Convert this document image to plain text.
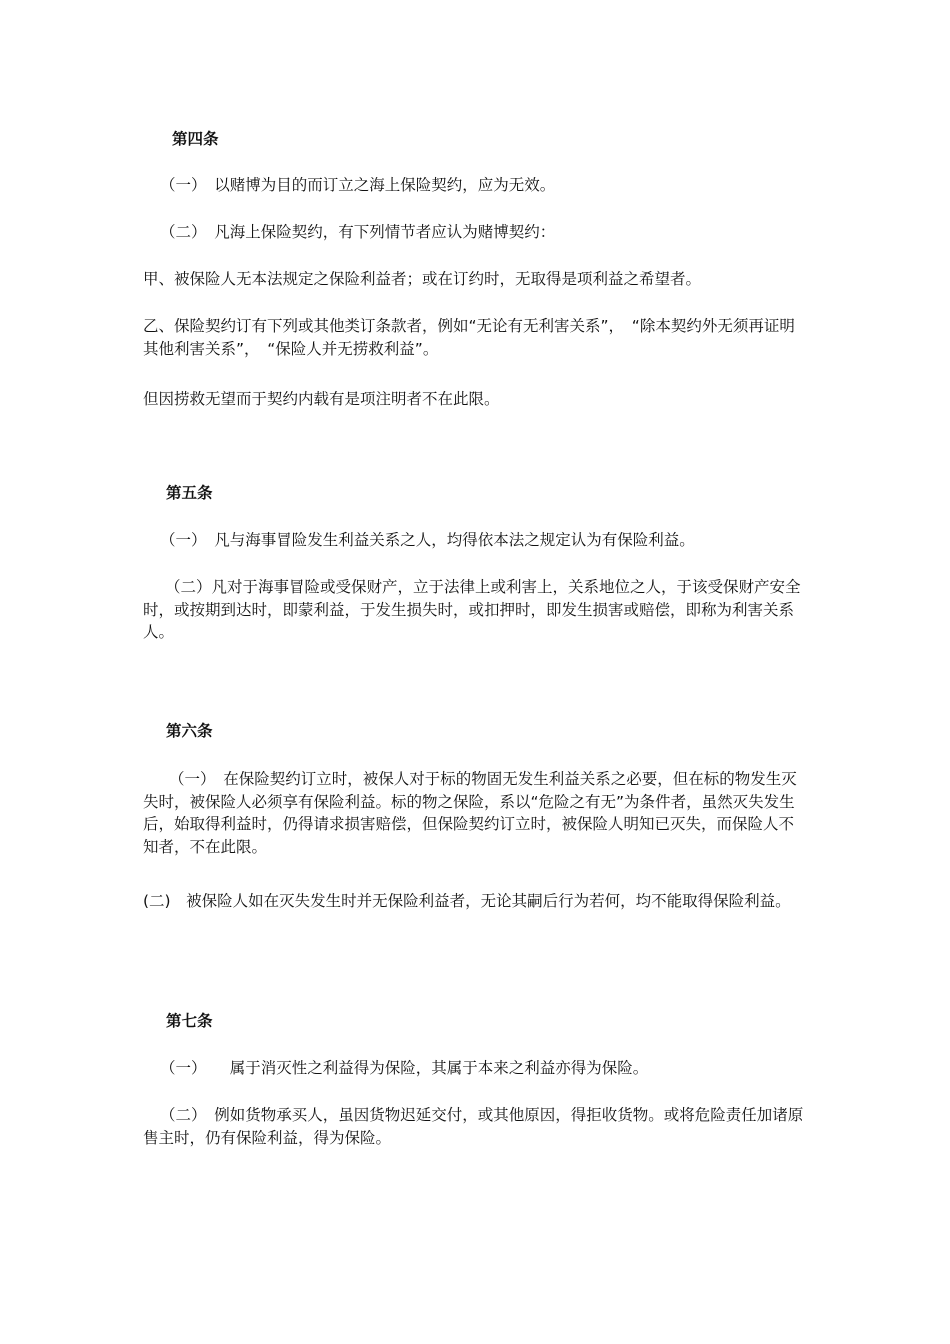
第四条
（一）　以赌博为目的而订立之海上保险契约，应为无效。
（二）　凡海上保险契约，有下列情节者应认为赌博契约：
甲、被保险人无本法规定之保险利益者；或在订约时，无取得是项利益之希望者。
乙、保险契约订有下列或其他类订条款者，例如“无论有无利害关系”，　“除本契约外无须再证明其他利害关系”，　“保险人并无捞救利益”。
但因捞救无望而于契约内载有是项注明者不在此限。
第五条
（一）　凡与海事冒险发生利益关系之人，均得依本法之规定认为有保险利益。
（二）凡对于海事冒险或受保财产，立于法律上或利害上，关系地位之人，于该受保财产安全时，或按期到达时，即蒙利益，于发生损失时，或扣押时，即发生损害或赔偿，即称为利害关系人。
第六条
（一）　在保险契约订立时，被保人对于标的物固无发生利益关系之必要，但在标的物发生灭失时，被保险人必须享有保险利益。标的物之保险，系以“危险之有无”为条件者，虽然灭失发生后，始取得利益时，仍得请求损害赔偿，但保险契约订立时，被保险人明知已灭失，而保险人不知者，不在此限。
(二)　被保险人如在灭失发生时并无保险利益者，无论其嗣后行为若何，均不能取得保险利益。
第七条
（一）　　属于消灭性之利益得为保险，其属于本来之利益亦得为保险。
（二）　例如货物承买人，虽因货物迟延交付，或其他原因，得拒收货物。或将危险责任加诸原售主时，仍有保险利益，得为保险。
